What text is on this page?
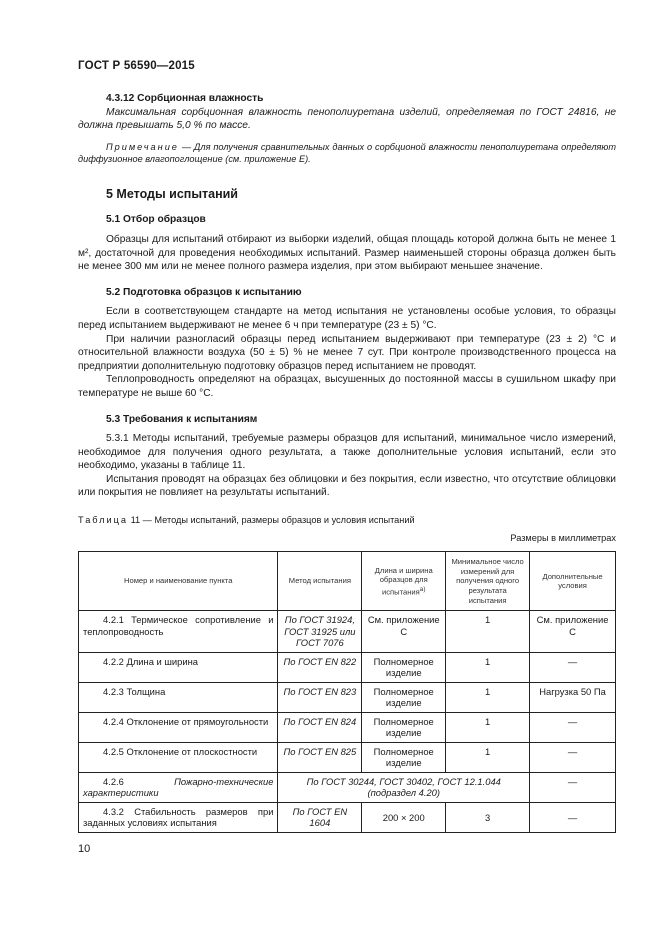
ГОСТ Р 56590—2015
4.3.12 Сорбционная влажность

Максимальная сорбционная влажность пенополиуретана изделий, определяемая по ГОСТ 24816, не должна превышать 5,0 % по массе.

Примечание — Для получения сравнительных данных о сорбционой влажности пенополиуретана определяют диффузионное влагопоглощение (см. приложение Е).
5 Методы испытаний
5.1 Отбор образцов

Образцы для испытаний отбирают из выборки изделий, общая площадь которой должна быть не менее 1 м², достаточной для проведения необходимых испытаний. Размер наименьшей стороны образца должен быть не менее 300 мм или не менее полного размера изделия, при этом выбирают меньшее значение.

5.2 Подготовка образцов к испытанию

Если в соответствующем стандарте на метод испытания не установлены особые условия, то образцы перед испытанием выдерживают не менее 6 ч при температуре (23 ± 5) °С.

При наличии разногласий образцы перед испытанием выдерживают при температуре (23 ± 2) °С и относительной влажности воздуха (50 ± 5) % не менее 7 сут. При контроле производственного процесса на предприятии дополнительную подготовку образцов перед испытанием не проводят.

Теплопроводность определяют на образцах, высушенных до постоянной массы в сушильном шкафу при температуре не выше 60 °С.

5.3 Требования к испытаниям

5.3.1 Методы испытаний, требуемые размеры образцов для испытаний, минимальное число измерений, необходимое для получения одного результата, а также дополнительные условия испытаний, если это необходимо, указаны в таблице 11.

Испытания проводят на образцах без облицовки и без покрытия, если известно, что отсутствие облицовки или покрытия не повлияет на результаты испытаний.

Таблица 11 — Методы испытаний, размеры образцов и условия испытаний
Размеры в миллиметрах
Номер и наименование пункта	Метод испытания	Длина и ширина образцов для испытания$^{а)}$	Минимальное число измерений для получения одного результата испытания	Дополнительные условия
4.2.1 Термическое сопротивление и теплопроводность	По ГОСТ 31924, ГОСТ 31925 или ГОСТ 7076	См. приложение С	1	См. приложение С
4.2.2 Длина и ширина	По ГОСТ EN 822	Полномерное изделие	1	—
4.2.3 Толщина	По ГОСТ EN 823	Полномерное изделие	1	Нагрузка 50 Па
4.2.4 Отклонение от прямоугольности	По ГОСТ EN 824	Полномерное изделие	1	—
4.2.5 Отклонение от плоскостности	По ГОСТ EN 825	Полномерное изделие	1	—
4.2.6 Пожарно-технические характеристики	По ГОСТ 30244, ГОСТ 30402, ГОСТ 12.1.044 (подраздел 4.20)			—
4.3.2 Стабильность размеров при заданных условиях испытания	По ГОСТ EN 1604	200 × 200	3	—
10
